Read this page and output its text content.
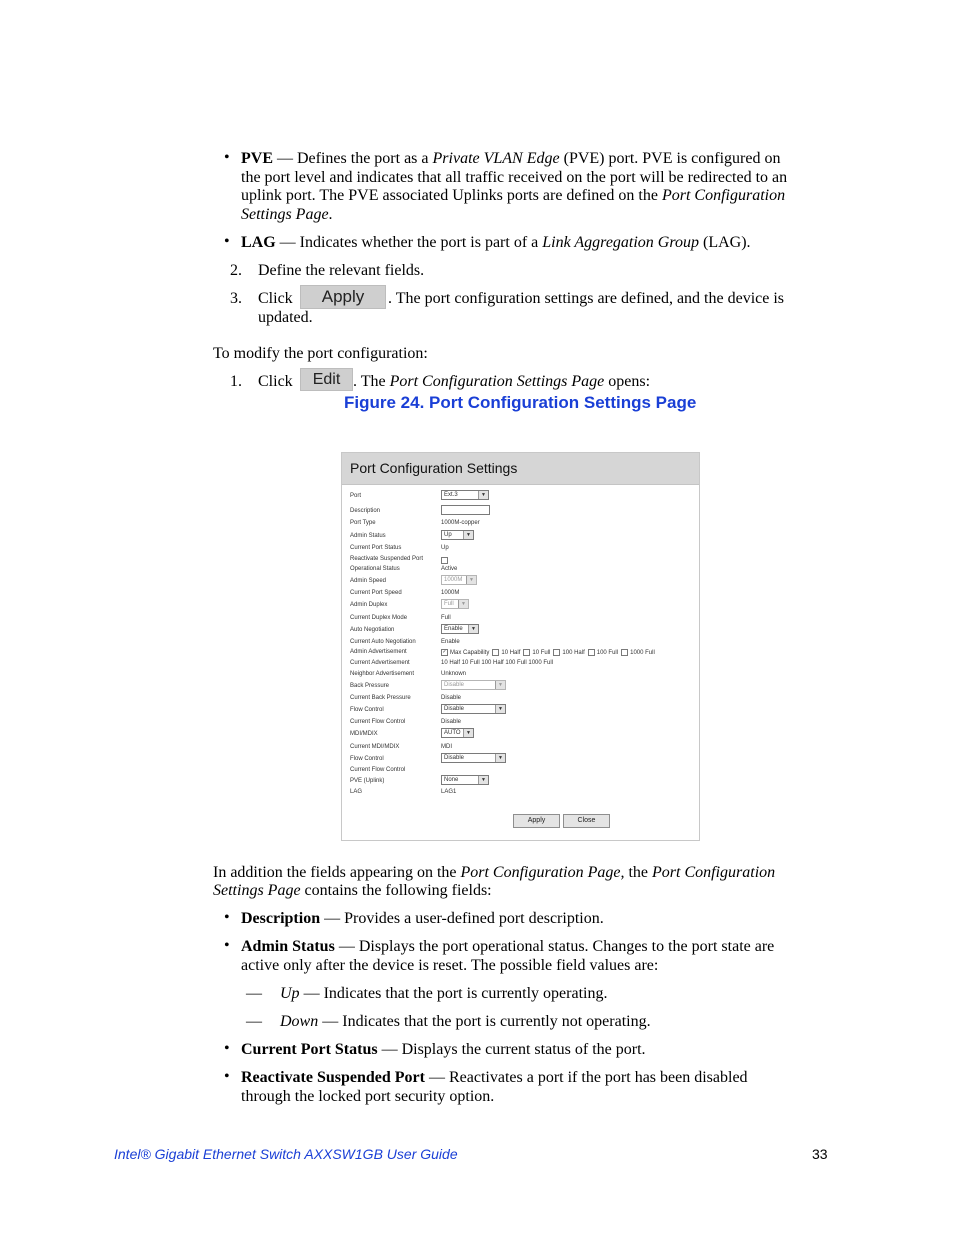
• PVE — Defines the port as a Private VLAN Edge (PVE) port. PVE is configured on
the port level and indicates that all traffic received on the port will be redirected to an
uplink port. The PVE associated Uplinks ports are defined on the Port Configuration
Settings Page.
• LAG — Indicates whether the port is part of a Link Aggregation Group (LAG).
2. Define the relevant fields.
3. Click	Apply	. The port configuration settings are defined, and the device is
updated.
To modify the port configuration:
1. Click	Edit . The Port Configuration Settings Page opens:
Figure 24. Port Configuration Settings Page
Port Configuration Settings
Port	Ext.3	▼
Description
Port Type	1000M-copper
Admin Status	Up	▼
Current Port Status	Up
Reactivate Suspended Port
Operational Status	Active
Admin Speed	1000M	▼
Current Port Speed	1000M
Admin Duplex	Full	▼
Current Duplex Mode	Full
Auto Negotiation	Enable	▼
Current Auto Negotiation	Enable
Admin Advertisement	✓ Max Capability 10 Half 10 Full 100 Half 100 Full 1000 Full
Current Advertisement	10 Half 10 Full 100 Half 100 Full 1000 Full
Neighbor Advertisement	Unknown
Back Pressure	Disable	▼
Current Back Pressure	Disable
Flow Control	Disable	▼
Current Flow Control	Disable
MDI/MDIX	AUTO	▼
Current MDI/MDIX	MDI
Flow Control	Disable	▼
Current Flow Control
PVE (Uplink)	None	▼
LAG	LAG1
Apply	Close
In addition the fields appearing on the Port Configuration Page, the Port Configuration
Settings Page contains the following fields:
• Description — Provides a user-defined port description.
• Admin Status — Displays the port operational status. Changes to the port state are
active only after the device is reset. The possible field values are:
— Up — Indicates that the port is currently operating.
— Down — Indicates that the port is currently not operating.
• Current Port Status — Displays the current status of the port.
• Reactivate Suspended Port — Reactivates a port if the port has been disabled
through the locked port security option.
Intel® Gigabit Ethernet Switch AXXSW1GB User Guide	33
